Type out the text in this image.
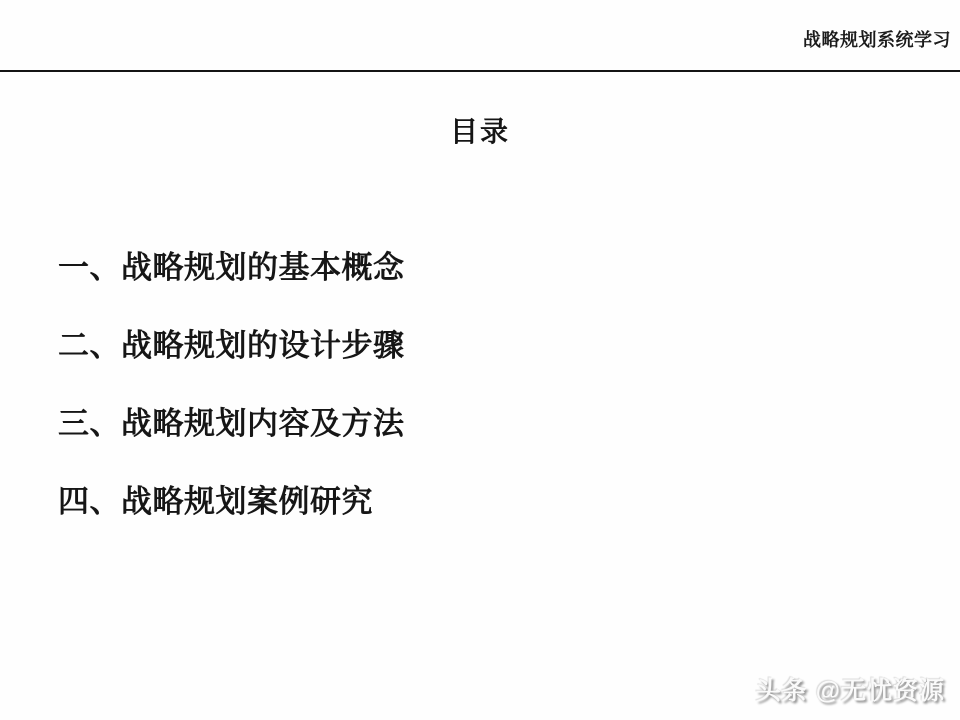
战略规划系统学习
目录
一、战略规划的基本概念
二、战略规划的设计步骤
三、战略规划内容及方法
四、战略规划案例研究
头条 @无忧资源
